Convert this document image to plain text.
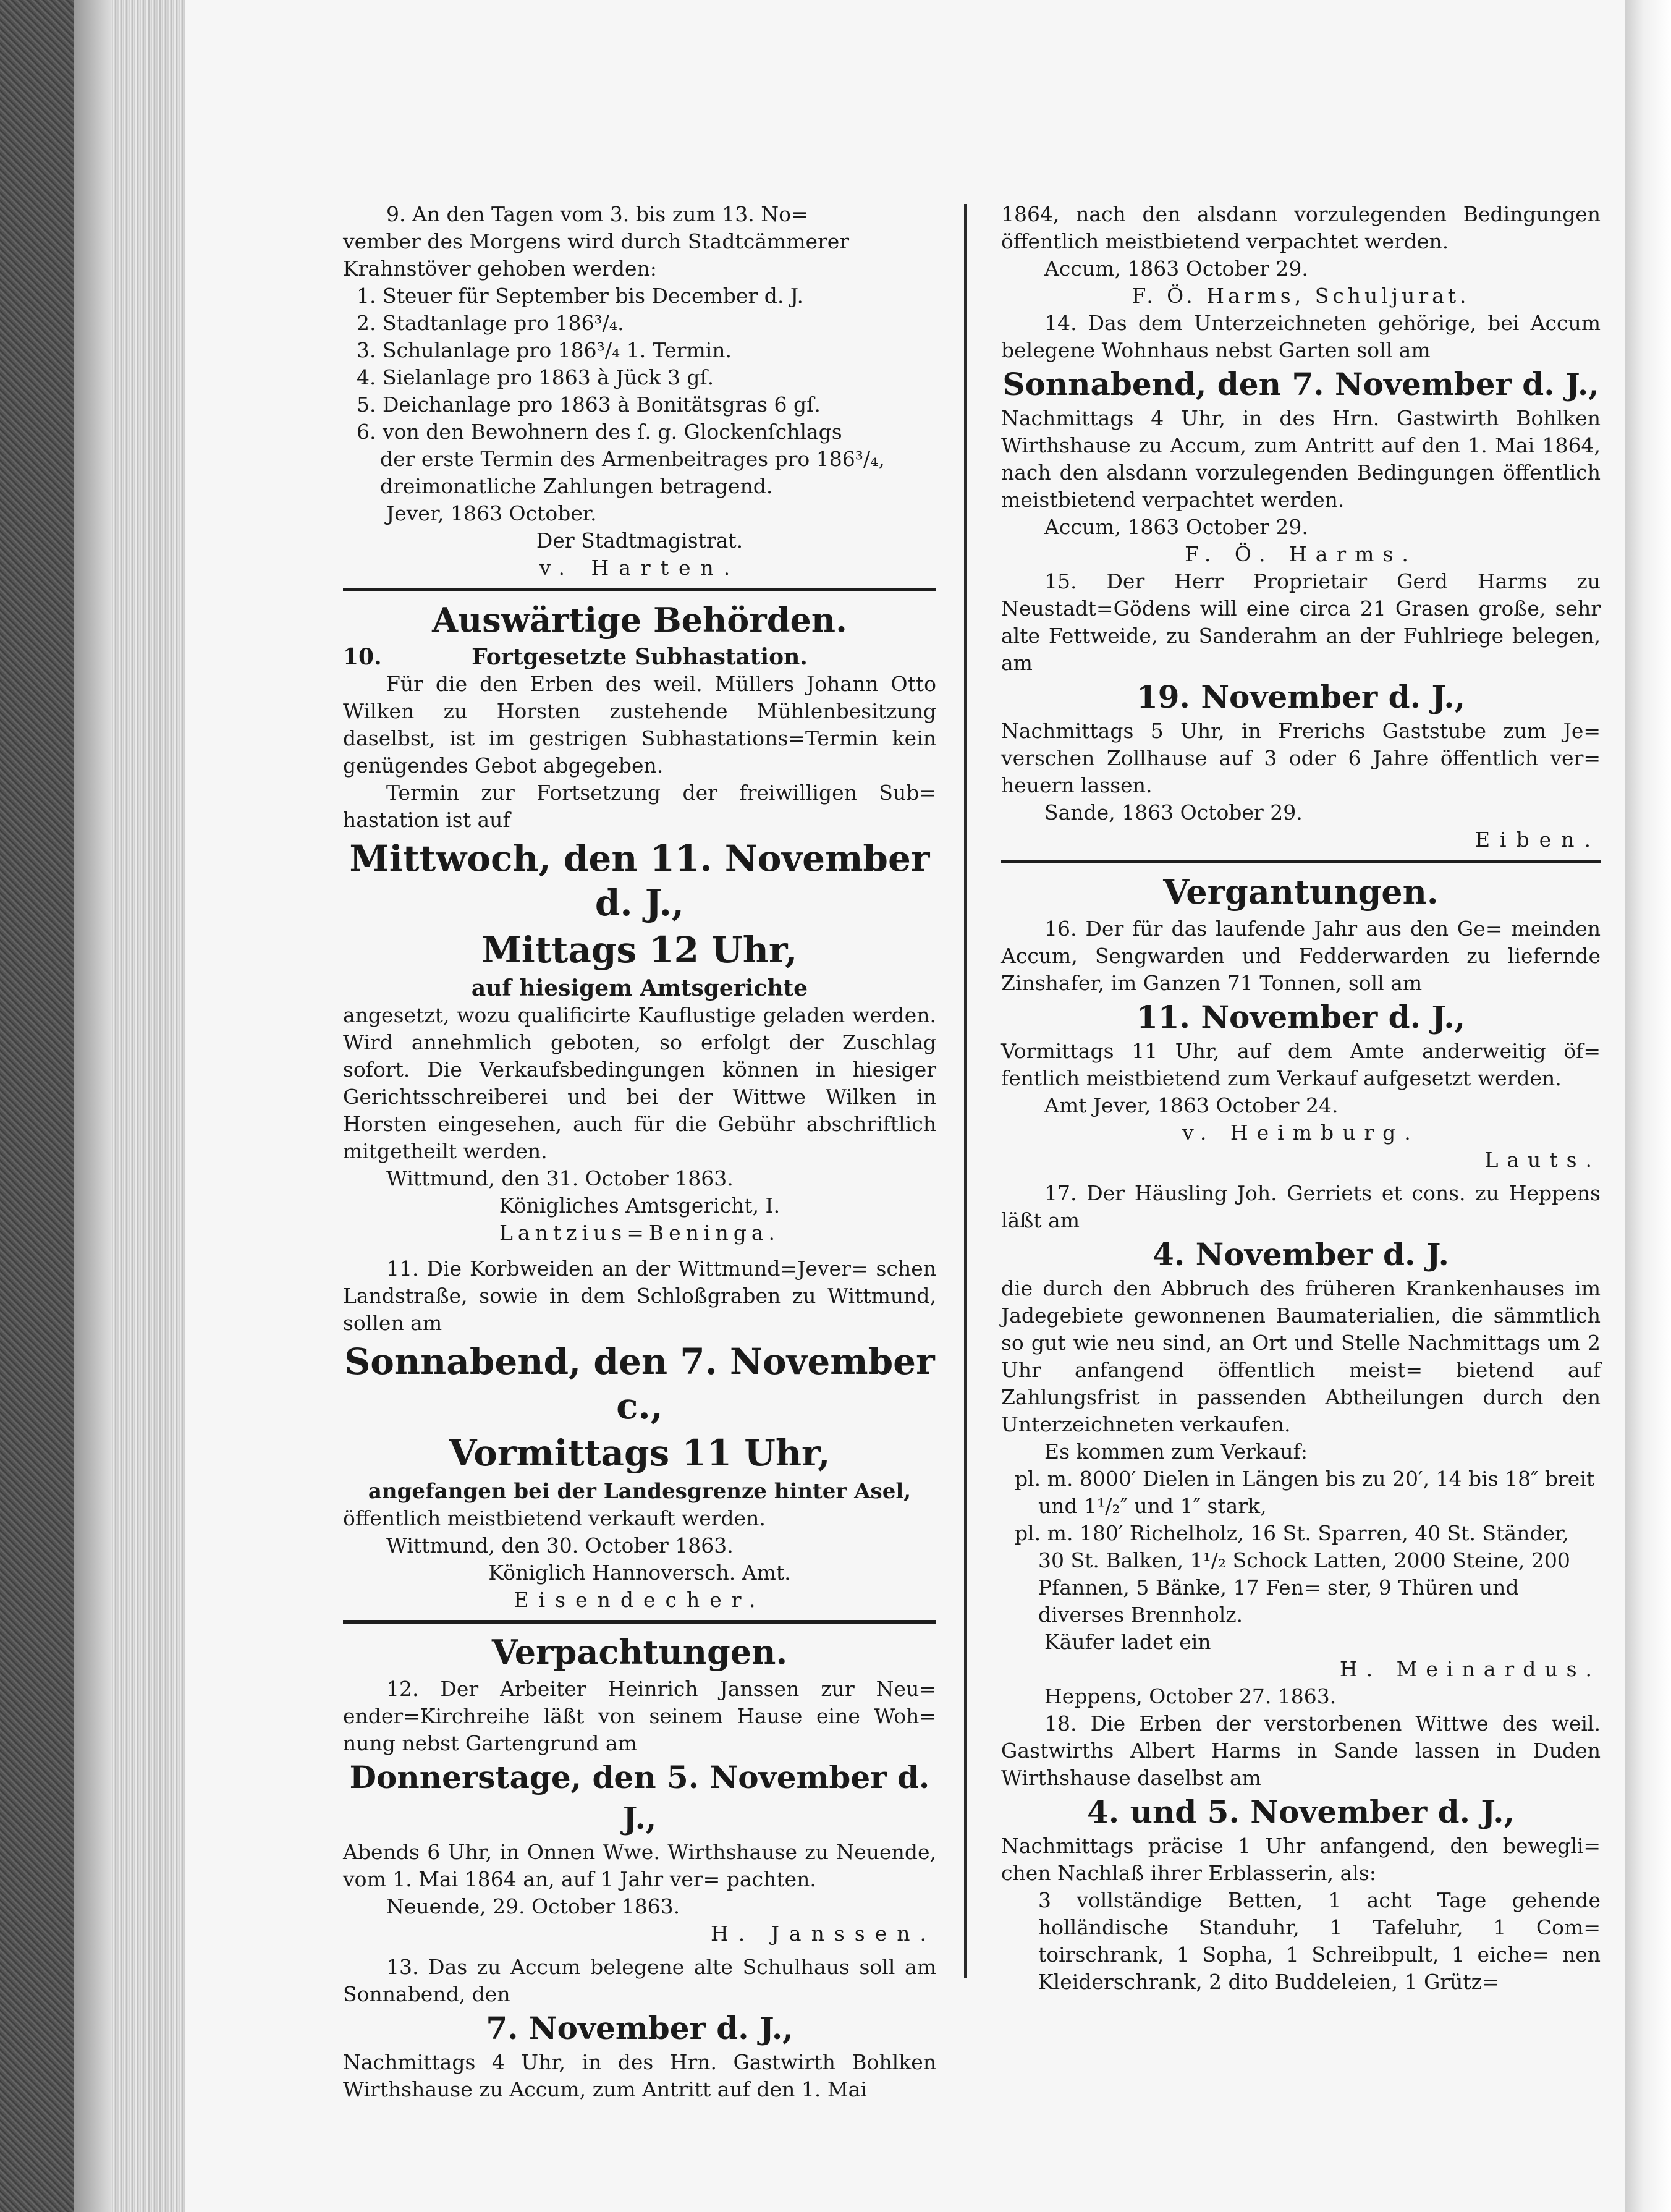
9. An den Tagen vom 3. bis zum 13. No=

vember des Morgens wird durch Stadtcämmerer

Krahnstöver gehoben werden:

1. Steuer für September bis December d. J.

2. Stadtanlage pro 186³/₄.

3. Schulanlage pro 186³/₄ 1. Termin.

4. Sielanlage pro 1863 à Jück 3 gſ.

5. Deichanlage pro 1863 à Bonitätsgras 6 gſ.

6. von den Bewohnern des ſ. g. Glockenſchlags

der erste Termin des Armenbeitrages pro 186³/₄,

dreimonatliche Zahlungen betragend.

Jever, 1863 October.

Der Stadtmagistrat.

v. Harten.

Auswärtige Behörden.

10.	Fortgesetzte Subhastation.

Für die den Erben des weil. Müllers Johann Otto Wilken zu Horsten zustehende Mühlenbesitzung daselbst, ist im gestrigen Subhastations=Termin kein genügendes Gebot abgegeben.

Termin zur Fortsetzung der freiwilligen Sub= hastation ist auf

Mittwoch, den 11. November d. J.,

Mittags 12 Uhr,

auf hiesigem Amtsgerichte

angesetzt, wozu qualificirte Kauflustige geladen werden. Wird annehmlich geboten, so erfolgt der Zuschlag sofort. Die Verkaufsbedingungen können in hiesiger Gerichtsschreiberei und bei der Wittwe Wilken in Horsten eingesehen, auch für die Gebühr abschriftlich mitgetheilt werden.

Wittmund, den 31. October 1863.

Königliches Amtsgericht, I.

Lantzius=Beninga.

11. Die Korbweiden an der Wittmund=Jever= schen Landstraße, sowie in dem Schloßgraben zu Wittmund, sollen am

Sonnabend, den 7. November c.,

Vormittags 11 Uhr,

angefangen bei der Landesgrenze hinter Asel,

öffentlich meistbietend verkauft werden.

Wittmund, den 30. October 1863.

Königlich Hannoversch. Amt.

Eisendecher.

Verpachtungen.

12. Der Arbeiter Heinrich Janssen zur Neu= ender=Kirchreihe läßt von seinem Hause eine Woh= nung nebst Gartengrund am

Donnerstage, den 5. November d. J.,

Abends 6 Uhr, in Onnen Wwe. Wirthshause zu Neuende, vom 1. Mai 1864 an, auf 1 Jahr ver= pachten.

Neuende, 29. October 1863.

H. Janssen.

13. Das zu Accum belegene alte Schulhaus soll am Sonnabend, den

7. November d. J.,

Nachmittags 4 Uhr, in des Hrn. Gastwirth Bohlken Wirthshause zu Accum, zum Antritt auf den 1. Mai

1864, nach den alsdann vorzulegenden Bedingungen öffentlich meistbietend verpachtet werden.

Accum, 1863 October 29.

F. Ö. Harms, Schuljurat.

14. Das dem Unterzeichneten gehörige, bei Accum belegene Wohnhaus nebst Garten soll am

Sonnabend, den 7. November d. J.,

Nachmittags 4 Uhr, in des Hrn. Gastwirth Bohlken Wirthshause zu Accum, zum Antritt auf den 1. Mai 1864, nach den alsdann vorzulegenden Bedingungen öffentlich meistbietend verpachtet werden.

Accum, 1863 October 29.

F. Ö. Harms.

15. Der Herr Proprietair Gerd Harms zu Neustadt=Gödens will eine circa 21 Grasen große, sehr alte Fettweide, zu Sanderahm an der Fuhlriege belegen, am

19. November d. J.,

Nachmittags 5 Uhr, in Frerichs Gaststube zum Je= verschen Zollhause auf 3 oder 6 Jahre öffentlich ver= heuern lassen.

Sande, 1863 October 29.

Eiben.

Vergantungen.

16. Der für das laufende Jahr aus den Ge= meinden Accum, Sengwarden und Fedderwarden zu liefernde Zinshafer, im Ganzen 71 Tonnen, soll am

11. November d. J.,

Vormittags 11 Uhr, auf dem Amte anderweitig öf= fentlich meistbietend zum Verkauf aufgesetzt werden.

Amt Jever, 1863 October 24.

v. Heimburg.

Lauts.

17. Der Häusling Joh. Gerriets et cons. zu Heppens läßt am

4. November d. J.

die durch den Abbruch des früheren Krankenhauses im Jadegebiete gewonnenen Baumaterialien, die sämmtlich so gut wie neu sind, an Ort und Stelle Nachmittags um 2 Uhr anfangend öffentlich meist= bietend auf Zahlungsfrist in passenden Abtheilungen durch den Unterzeichneten verkaufen.

Es kommen zum Verkauf:

pl. m. 8000′ Dielen in Längen bis zu 20′, 14 bis 18″ breit und 1¹/₂″ und 1″ stark,

pl. m. 180′ Richelholz, 16 St. Sparren, 40 St. Ständer, 30 St. Balken, 1¹/₂ Schock Latten, 2000 Steine, 200 Pfannen, 5 Bänke, 17 Fen= ster, 9 Thüren und diverses Brennholz.

Käufer ladet ein

H. Meinardus.

Heppens, October 27. 1863.

18. Die Erben der verstorbenen Wittwe des weil. Gastwirths Albert Harms in Sande lassen in Duden Wirthshause daselbst am

4. und 5. November d. J.,

Nachmittags präcise 1 Uhr anfangend, den bewegli= chen Nachlaß ihrer Erblasserin, als:

3 vollständige Betten, 1 acht Tage gehende holländische Standuhr, 1 Tafeluhr, 1 Com= toirschrank, 1 Sopha, 1 Schreibpult, 1 eiche= nen Kleiderschrank, 2 dito Buddeleien, 1 Grütz=
